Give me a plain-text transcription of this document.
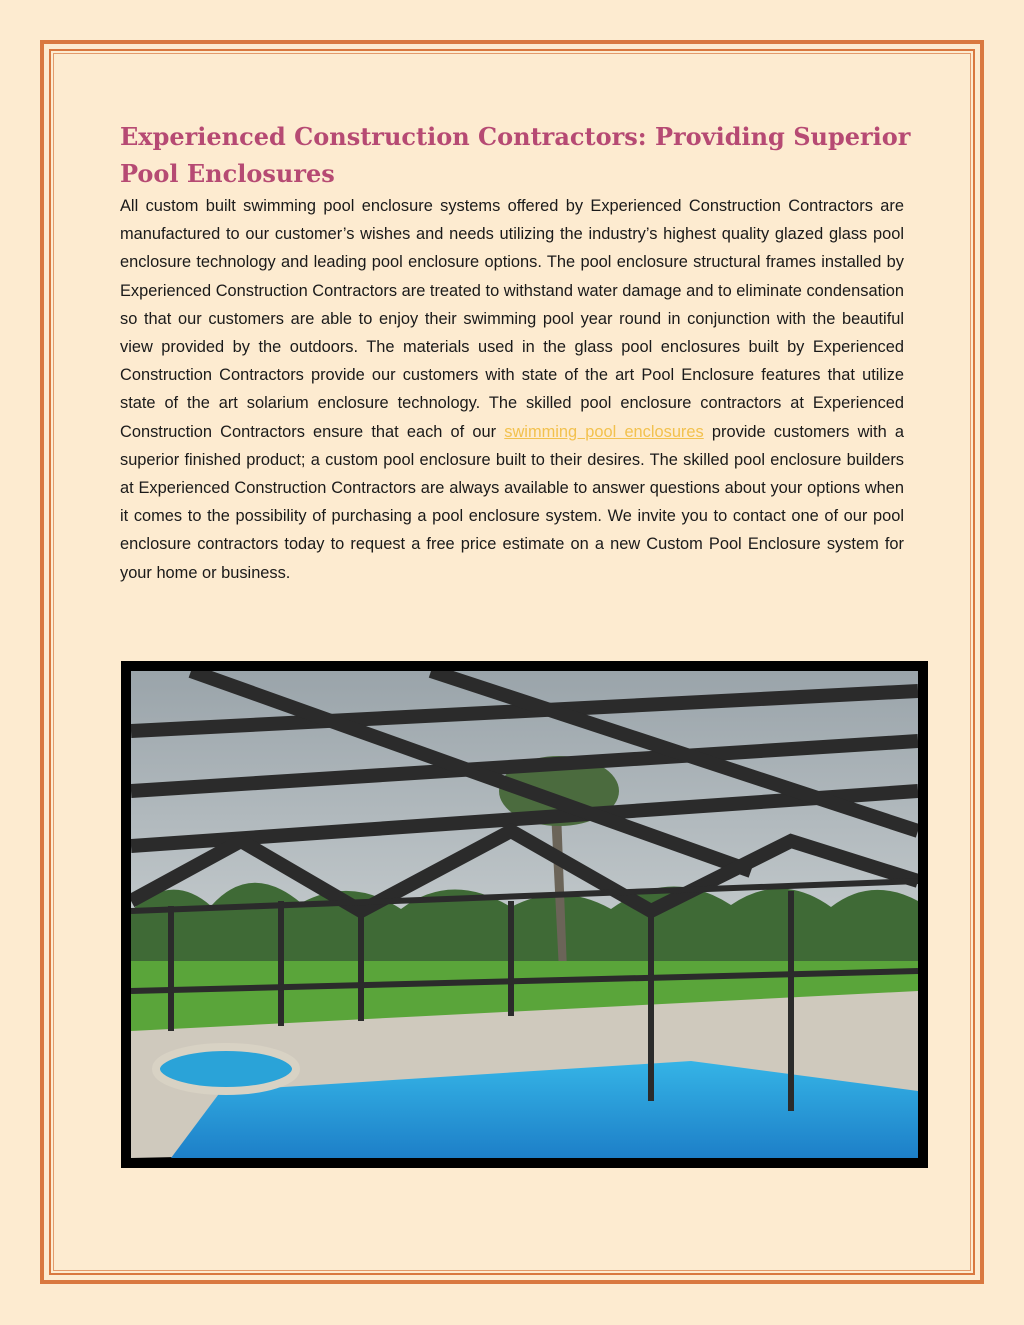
Experienced Construction Contractors: Providing Superior Pool Enclosures

All custom built swimming pool enclosure systems offered by Experienced Construction Contractors are manufactured to our customer’s wishes and needs utilizing the industry’s highest quality glazed glass pool enclosure technology and leading pool enclosure options. The pool enclosure structural frames installed by Experienced Construction Contractors are treated to withstand water damage and to eliminate condensation so that our customers are able to enjoy their swimming pool year round in conjunction with the beautiful view provided by the outdoors. The materials used in the glass pool enclosures built by Experienced Construction Contractors provide our customers with state of the art Pool Enclosure features that utilize state of the art solarium enclosure technology. The skilled pool enclosure contractors at Experienced Construction Contractors ensure that each of our swimming pool enclosures provide customers with a superior finished product; a custom pool enclosure built to their desires. The skilled pool enclosure builders at Experienced Construction Contractors are always available to answer questions about your options when it comes to the possibility of purchasing a pool enclosure system. We invite you to contact one of our pool enclosure contractors today to request a free price estimate on a new Custom Pool Enclosure system for your home or business.
